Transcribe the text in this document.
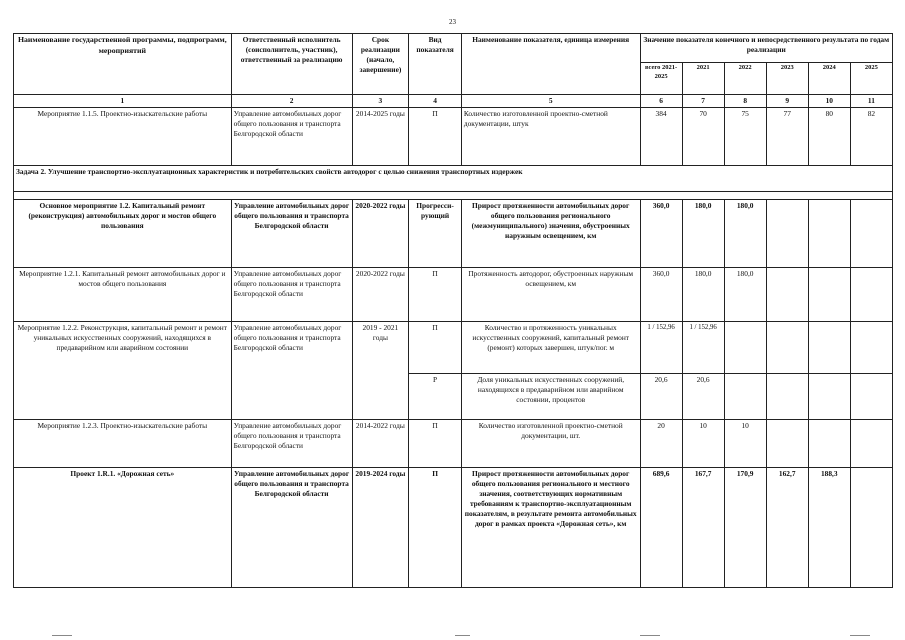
23
Наименование государственной программы, подпрограмм, мероприятий	Ответственный исполнитель (соисполнитель, участник), ответственный за реализацию	Срок реализации (начало, завершение)	Вид показателя	Наименование показателя, единица измерения	Значение показателя конечного и непосредственного результата по годам реализации					
					всего 2021-2025	2021	2022	2023	2024	2025
1	2	3	4	5	6	7	8	9	10	11
Мероприятие 1.1.5. Проектно-изыскательские работы	Управление автомобильных дорог общего пользования и транспорта Белгородской области	2014-2025 годы	П	Количество изготовленной проектно-сметной документации, штук	384	70	75	77	80	82
Задача 2. Улучшение транспортно-эксплуатационных характеристик и потребительских свойств автодорог с целью снижения транспортных издержек										

Основное мероприятие 1.2. Капитальный ремонт (реконструкция) автомобильных дорог и мостов общего пользования	Управление автомобильных дорог общего пользования и транспорта Белгородской области	2020-2022 годы	Прогресси-рующий	Прирост протяженности автомобильных дорог общего пользования регионального (межмуниципального) значения, обустроенных наружным освещением, км	360,0	180,0	180,0			
Мероприятие 1.2.1. Капитальный ремонт автомобильных дорог и мостов общего пользования	Управление автомобильных дорог общего пользования и транспорта Белгородской области	2020-2022 годы	П	Протяженность автодорог, обустроенных наружным освещением, км	360,0	180,0	180,0			
Мероприятие 1.2.2. Реконструкция, капитальный ремонт и ремонт уникальных искусственных сооружений, находящихся в предаварийном или аварийном состоянии	Управление автомобильных дорог общего пользования и транспорта Белгородской области	2019 - 2021 годы	П	Количество и протяженность уникальных искусственных сооружений, капитальный ремонт (ремонт) которых завершен, штук/пог. м	1 / 152,96	1 / 152,96				
			Р	Доля уникальных искусственных сооружений, находящихся в предаварийном или аварийном состоянии, процентов	20,6	20,6				
Мероприятие 1.2.3. Проектно-изыскательские работы	Управление автомобильных дорог общего пользования и транспорта Белгородской области	2014-2022 годы	П	Количество изготовленной проектно-сметной документации, шт.	20	10	10			
Проект 1.R.1. «Дорожная сеть»	Управление автомобильных дорог общего пользования и транспорта Белгородской области	2019-2024 годы	П	Прирост протяженности автомобильных дорог общего пользования регионального и местного значения, соответствующих нормативным требованиям к транспортно-эксплуатационным показателям, в результате ремонта автомобильных дорог в рамках проекта «Дорожная сеть», км	689,6	167,7	170,9	162,7	188,3	
